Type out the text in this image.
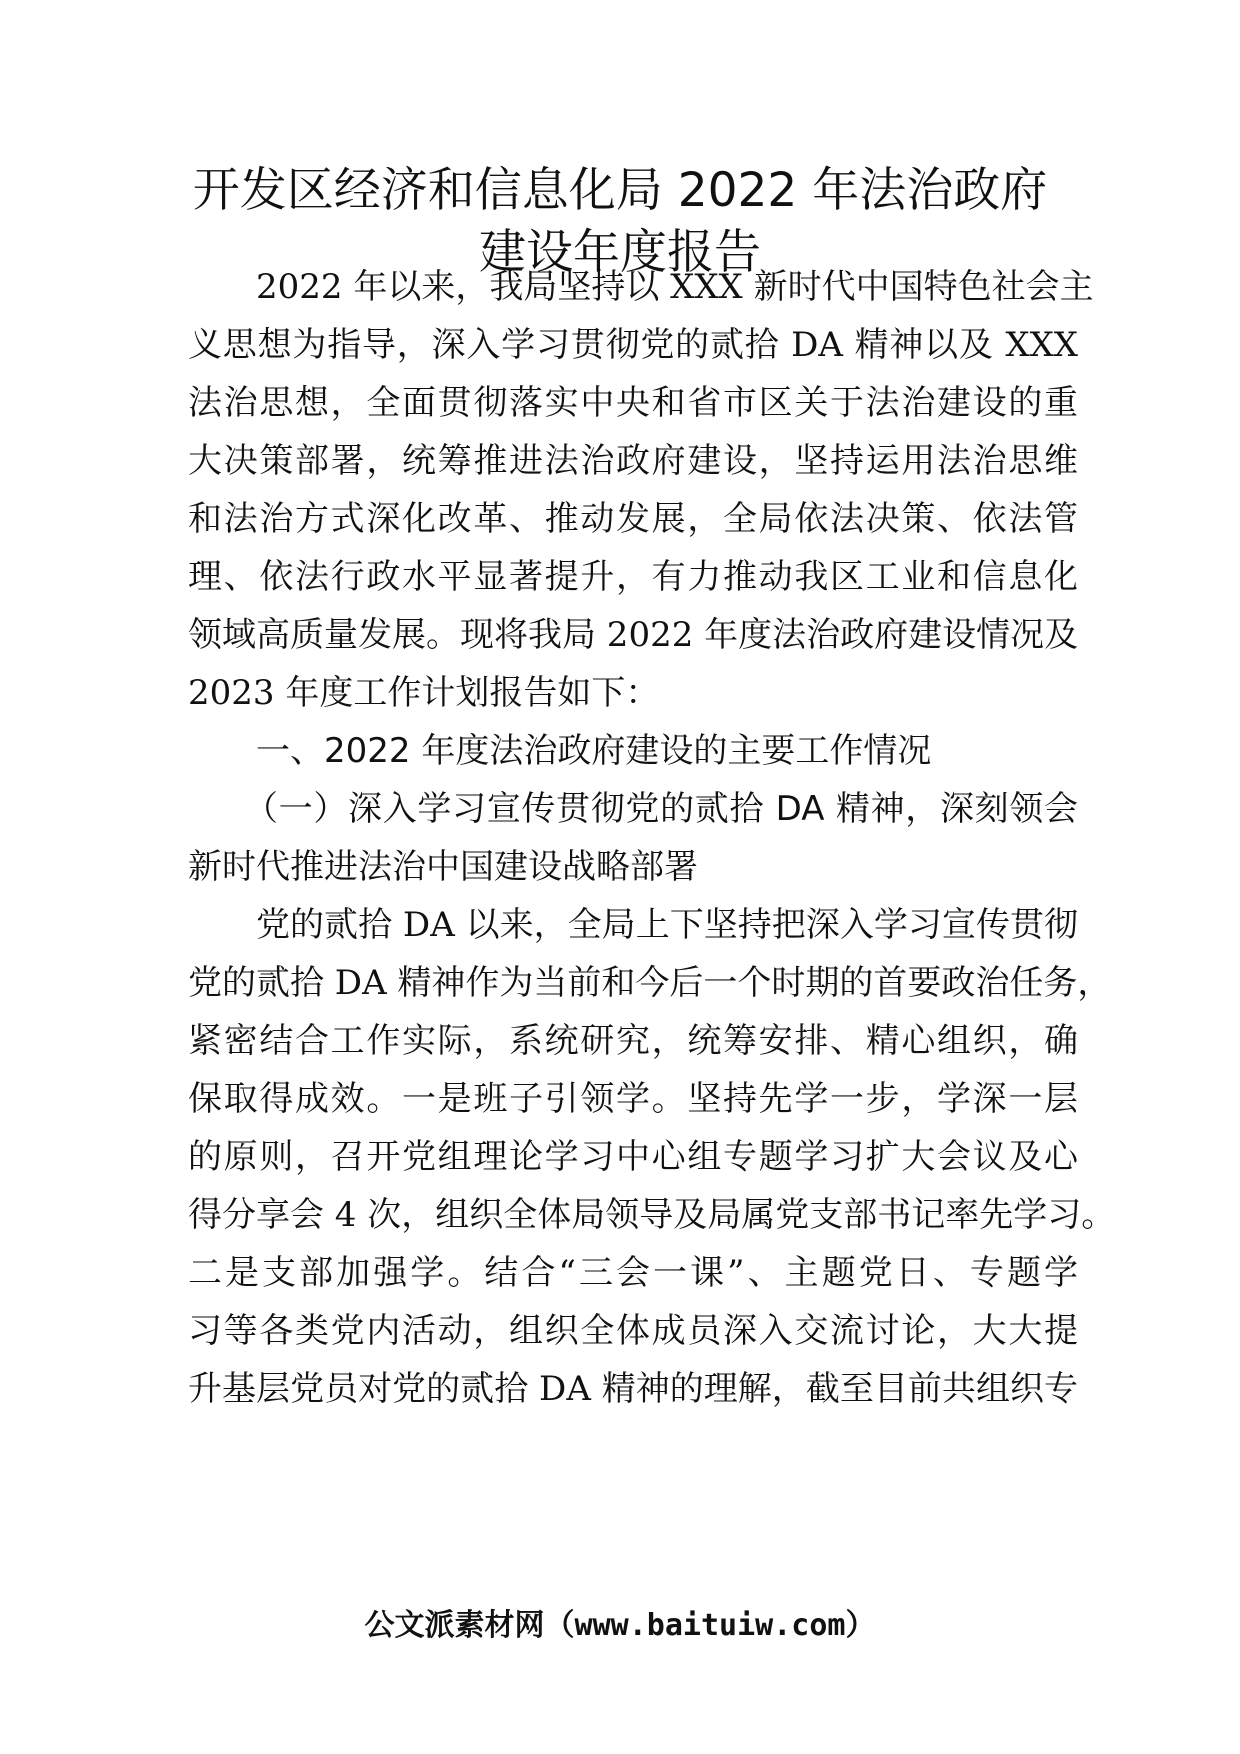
开发区经济和信息化局 2022 年法治政府
建设年度报告
2022 年以来，我局坚持以 XXX 新时代中国特色社会主
义思想为指导，深入学习贯彻党的贰拾 DA 精神以及 XXX
法治思想，全面贯彻落实中央和省市区关于法治建设的重
大决策部署，统筹推进法治政府建设，坚持运用法治思维
和法治方式深化改革、推动发展，全局依法决策、依法管
理、依法行政水平显著提升，有力推动我区工业和信息化
领域高质量发展。现将我局 2022 年度法治政府建设情况及
2023 年度工作计划报告如下：
一、2022 年度法治政府建设的主要工作情况
（一）深入学习宣传贯彻党的贰拾 DA 精神，深刻领会
新时代推进法治中国建设战略部署
党的贰拾 DA 以来，全局上下坚持把深入学习宣传贯彻
党的贰拾 DA 精神作为当前和今后一个时期的首要政治任务，
紧密结合工作实际，系统研究，统筹安排、精心组织，确
保取得成效。一是班子引领学。坚持先学一步，学深一层
的原则，召开党组理论学习中心组专题学习扩大会议及心
得分享会 4 次，组织全体局领导及局属党支部书记率先学习。
二是支部加强学。结合“三会一课”、主题党日、专题学
习等各类党内活动，组织全体成员深入交流讨论，大大提
升基层党员对党的贰拾 DA 精神的理解，截至目前共组织专
公文派素材网（www.baituiw.com）
